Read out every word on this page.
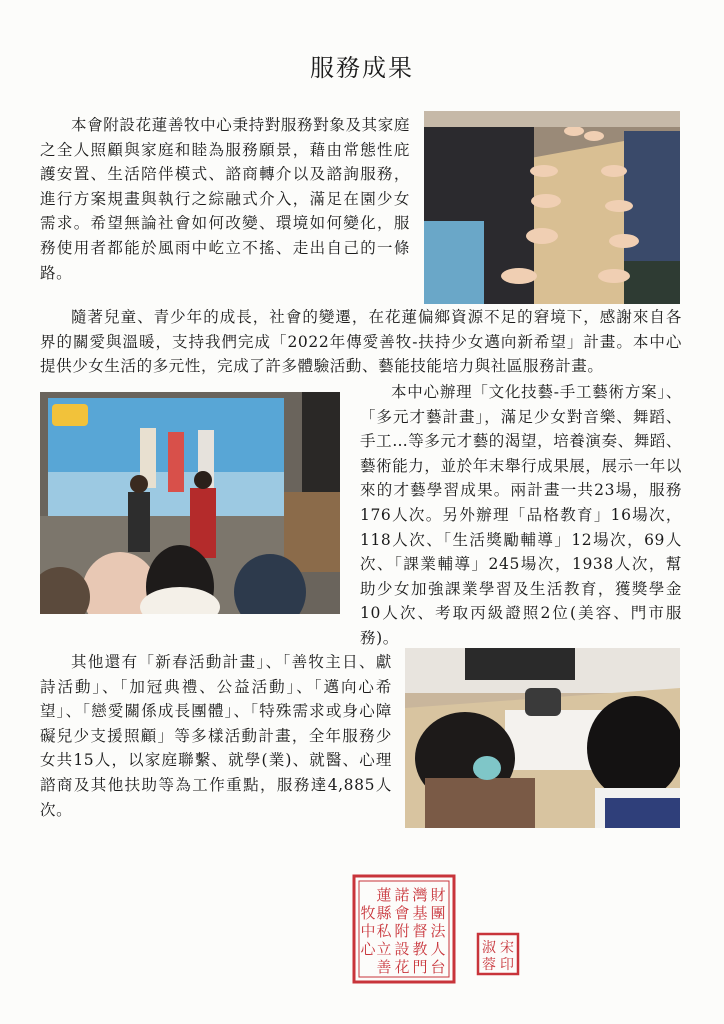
服務成果

本會附設花蓮善牧中心秉持對服務對象及其家庭之全人照顧與家庭和睦為服務願景，藉由常態性庇護安置、生活陪伴模式、諮商轉介以及諮詢服務，進行方案規畫與執行之綜融式介入，滿足在園少女需求。希望無論社會如何改變、環境如何變化，服務使用者都能於風雨中屹立不搖、走出自己的一條路。

隨著兒童、青少年的成長，社會的變遷，在花蓮偏鄉資源不足的窘境下，感謝來自各界的關愛與溫暖，支持我們完成「2022年傳愛善牧-扶持少女邁向新希望」計畫。本中心提供少女生活的多元性，完成了許多體驗活動、藝能技能培力與社區服務計畫。

本中心辦理「文化技藝-手工藝術方案」、「多元才藝計畫」，滿足少女對音樂、舞蹈、手工…等多元才藝的渴望，培養演奏、舞蹈、藝術能力，並於年末舉行成果展，展示一年以來的才藝學習成果。兩計畫一共23場，服務176人次。另外辦理「品格教育」16場次，118人次、「生活獎勵輔導」12場次，69人次、「課業輔導」245場次，1938人次，幫助少女加強課業學習及生活教育，獲獎學金10人次、考取丙級證照2位(美容、門市服務)。

其他還有「新春活動計畫」、「善牧主日、獻詩活動」、「加冠典禮、公益活動」、「邁向心希望」、「戀愛關係成長團體」、「特殊需求或身心障礙兒少支援照顧」等多樣活動計畫，全年服務少女共15人，以家庭聯繫、就學(業)、就醫、心理諮商及其他扶助等為工作重點，服務達4,885人次。

財
團
法
人
台
灣
基
督
教
門
諾
會
附
設
花
蓮
縣
私
立
善
牧
中
心	宋
淑
蓉 印
